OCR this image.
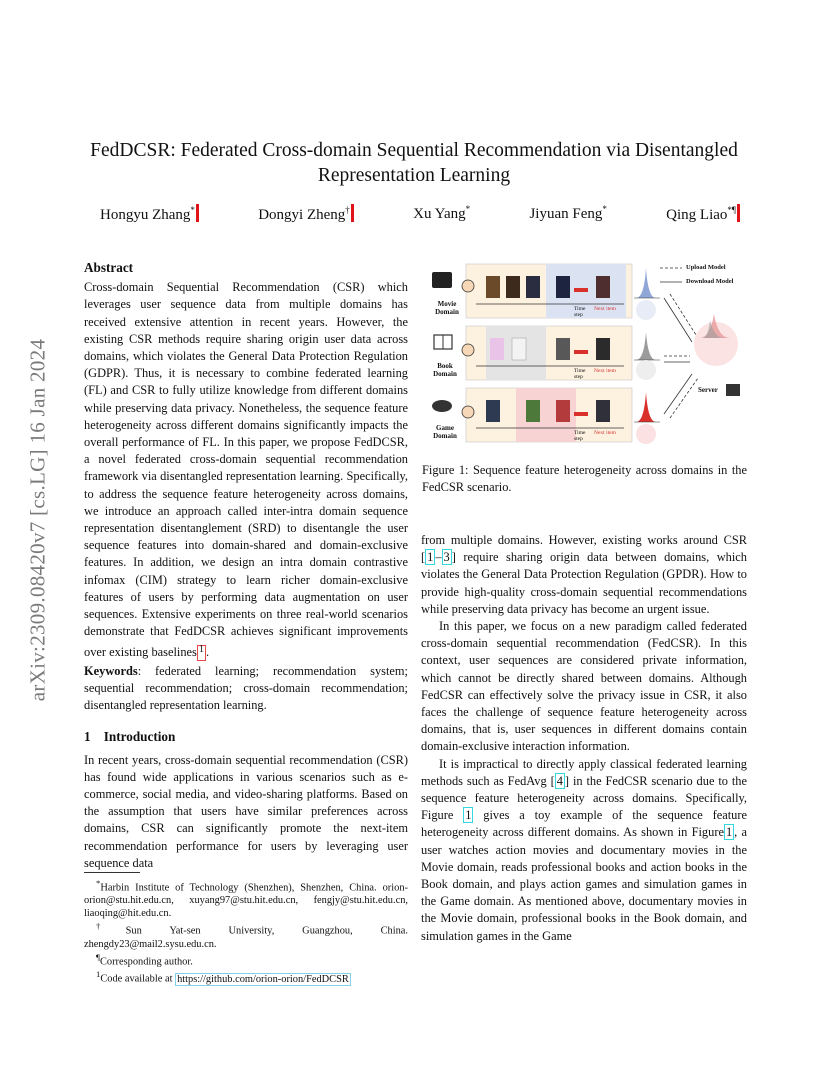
FedDCSR: Federated Cross-domain Sequential Recommendation via Disentangled
Representation Learning
Hongyu Zhang*	Dongyi Zheng†	Xu Yang*	Jiyuan Feng*	Qing Liao*¶
arXiv:2309.08420v7 [cs.LG] 16 Jan 2024
Abstract

Cross-domain Sequential Recommendation (CSR) which leverages user sequence data from multiple domains has received extensive attention in recent years. However, the existing CSR methods require sharing origin user data across domains, which violates the General Data Protection Regulation (GDPR). Thus, it is necessary to combine federated learning (FL) and CSR to fully utilize knowledge from different domains while preserving data privacy. Nonetheless, the sequence feature heterogeneity across different domains significantly impacts the overall performance of FL. In this paper, we propose FedDCSR, a novel federated cross-domain sequential recommendation framework via disentangled representation learning. Specifically, to address the sequence feature heterogeneity across domains, we introduce an approach called inter-intra domain sequence representation disentanglement (SRD) to disentangle the user sequence features into domain-shared and domain-exclusive features. In addition, we design an intra domain contrastive infomax (CIM) strategy to learn richer domain-exclusive features of users by performing data augmentation on user sequences. Extensive experiments on three real-world scenarios demonstrate that FedDCSR achieves significant improvements over existing baselines $^1$ .

Keywords: federated learning; recommendation system; sequential recommendation; cross-domain recommendation; disentangled representation learning.

1 Introduction

In recent years, cross-domain sequential recommendation (CSR) has found wide applications in various scenarios such as e-commerce, social media, and video-sharing platforms. Based on the assumption that users have similar preferences across domains, CSR can significantly promote the next-item recommendation performance for users by leveraging user sequence data

*Harbin Institute of Technology (Shenzhen), Shenzhen, China. orion-orion@stu.hit.edu.cn, xuyang97@stu.hit.edu.cn, fengjy@stu.hit.edu.cn, liaoqing@hit.edu.cn.

†Sun Yat-sen University, Guangzhou, China. zhengdy23@mail2.sysu.edu.cn.

¶Corresponding author.

$^1$Code available at https://github.com/orion-orion/FedDCSR

Movie Domain
Book Domain
Game Domain
Time step
Time step
Time step
Next item
Next item
Next item
Upload Model
Download Model
Server
Figure 1: Sequence feature heterogeneity across domains in the FedCSR scenario.

from multiple domains. However, existing works around CSR [ 1 – 3 ] require sharing origin data between domains, which violates the General Data Protection Regulation (GPDR). How to provide high-quality cross-domain sequential recommendations while preserving data privacy has become an urgent issue.

In this paper, we focus on a new paradigm called federated cross-domain sequential recommendation (FedCSR). In this context, user sequences are considered private information, which cannot be directly shared between domains. Although FedCSR can effectively solve the privacy issue in CSR, it also faces the challenge of sequence feature heterogeneity across domains, that is, user sequences in different domains contain domain-exclusive interaction information.

It is impractical to directly apply classical federated learning methods such as FedAvg [ 4 ] in the FedCSR scenario due to the sequence feature heterogeneity across domains. Specifically, Figure 1 gives a toy example of the sequence feature heterogeneity across different domains. As shown in Figure 1 , a user watches action movies and documentary movies in the Movie domain, reads professional books and action books in the Book domain, and plays action games and simulation games in the Game domain. As mentioned above, documentary movies in the Movie domain, professional books in the Book domain, and simulation games in the Game
